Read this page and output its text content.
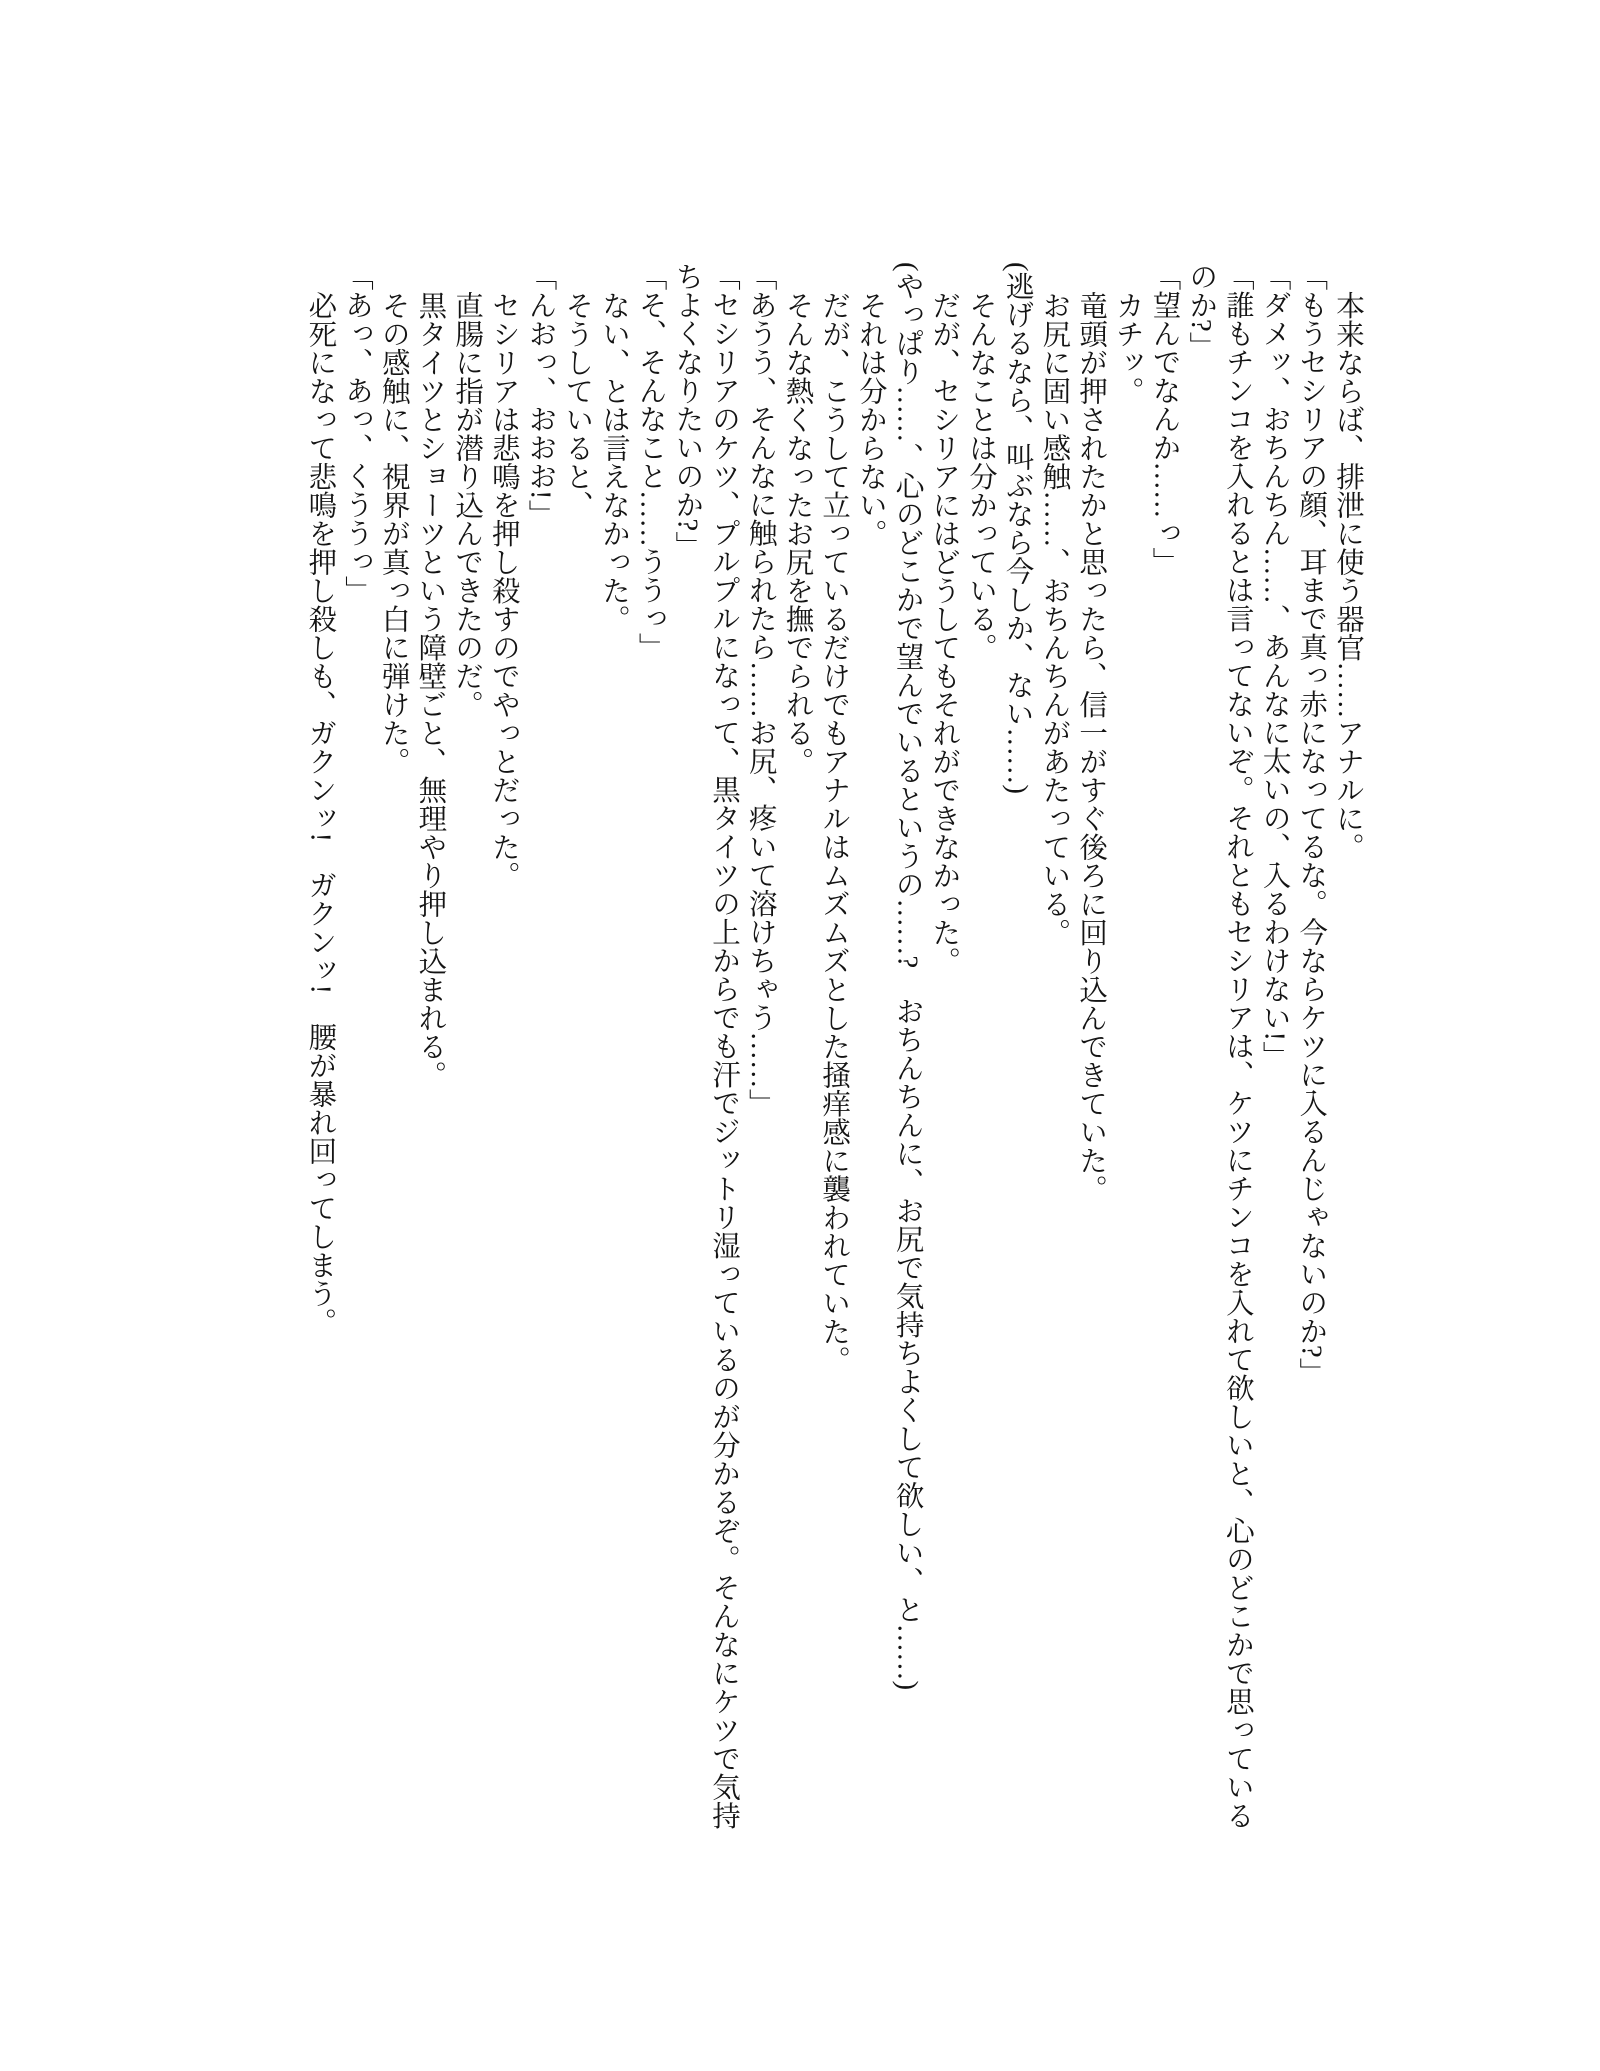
本来ならば、排泄に使う器官……アナルに。

「もうセシリアの顔、耳まで真っ赤になってるな。今ならケツに入るんじゃないのか?」

「ダメッ、おちんちん……、あんなに太いの、入るわけない!」

「誰もチンコを入れるとは言ってないぞ。それともセシリアは、ケツにチンコを入れて欲しいと、心のどこかで思っているのか?」

「望んでなんか……っ」

カチッ。

竜頭が押されたかと思ったら、信一がすぐ後ろに回り込んできていた。

お尻に固い感触……、おちんちんがあたっている。

(逃げるなら、叫ぶなら今しか、ない……)

そんなことは分かっている。

だが、セシリアにはどうしてもそれができなかった。

(やっぱり……、心のどこかで望んでいるというの……?　おちんちんに、お尻で気持ちよくして欲しい、と……)

それは分からない。

だが、こうして立っているだけでもアナルはムズムズとした掻痒感に襲われていた。

そんな熱くなったお尻を撫でられる。

「あうう、そんなに触られたら……お尻、疼いて溶けちゃう……」

「セシリアのケツ、プルプルになって、黒タイツの上からでも汗でジットリ湿っているのが分かるぞ。そんなにケツで気持ちよくなりたいのか?」

「そ、そんなこと……ううっ」

ない、とは言えなかった。

そうしていると、

「んおっ、おおお!」

セシリアは悲鳴を押し殺すのでやっとだった。

直腸に指が潜り込んできたのだ。

黒タイツとショーツという障壁ごと、無理やり押し込まれる。

その感触に、視界が真っ白に弾けた。

「あっ、あっ、くううっ」

必死になって悲鳴を押し殺しも、ガクンッ!　ガクンッ!　腰が暴れ回ってしまう。
